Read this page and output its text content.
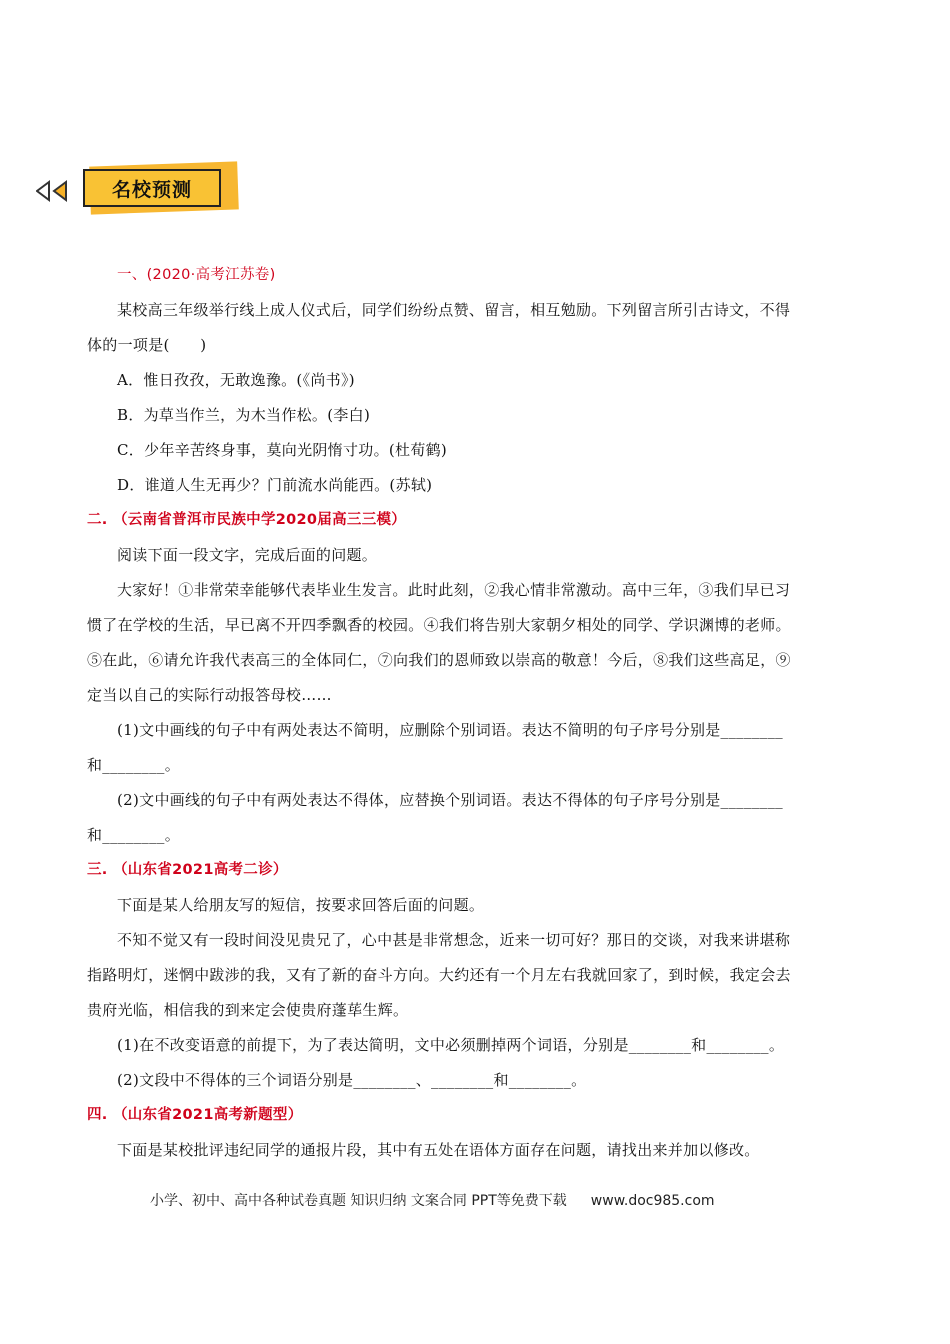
名校预测
一、(2020·高考江苏卷)
某校高三年级举行线上成人仪式后，同学们纷纷点赞、留言，相互勉励。下列留言所引古诗文，不得
体的一项是(　　)
A．惟日孜孜，无敢逸豫。(《尚书》)
B．为草当作兰，为木当作松。(李白)
C．少年辛苦终身事，莫向光阴惰寸功。(杜荀鹤)
D．谁道人生无再少？门前流水尚能西。(苏轼)
二. （云南省普洱市民族中学2020届高三三模）
阅读下面一段文字，完成后面的问题。
大家好！①非常荣幸能够代表毕业生发言。此时此刻，②我心情非常激动。高中三年，③我们早已习
惯了在学校的生活，早已离不开四季飘香的校园。④我们将告别大家朝夕相处的同学、学识渊博的老师。
⑤在此，⑥请允许我代表高三的全体同仁，⑦向我们的恩师致以崇高的敬意！今后，⑧我们这些高足，⑨
定当以自己的实际行动报答母校……
(1)文中画线的句子中有两处表达不简明，应删除个别词语。表达不简明的句子序号分别是________
和________。
(2)文中画线的句子中有两处表达不得体，应替换个别词语。表达不得体的句子序号分别是________
和________。
三. （山东省2021高考二诊）
下面是某人给朋友写的短信，按要求回答后面的问题。
不知不觉又有一段时间没见贵兄了，心中甚是非常想念，近来一切可好？那日的交谈，对我来讲堪称
指路明灯，迷惘中跋涉的我，又有了新的奋斗方向。大约还有一个月左右我就回家了，到时候，我定会去
贵府光临，相信我的到来定会使贵府蓬荜生辉。
(1)在不改变语意的前提下，为了表达简明，文中必须删掉两个词语，分别是________和________。
(2)文段中不得体的三个词语分别是________、________和________。
四. （山东省2021高考新题型）
下面是某校批评违纪同学的通报片段，其中有五处在语体方面存在问题，请找出来并加以修改。
小学、初中、高中各种试卷真题 知识归纳 文案合同 PPT等免费下载 www.doc985.com
